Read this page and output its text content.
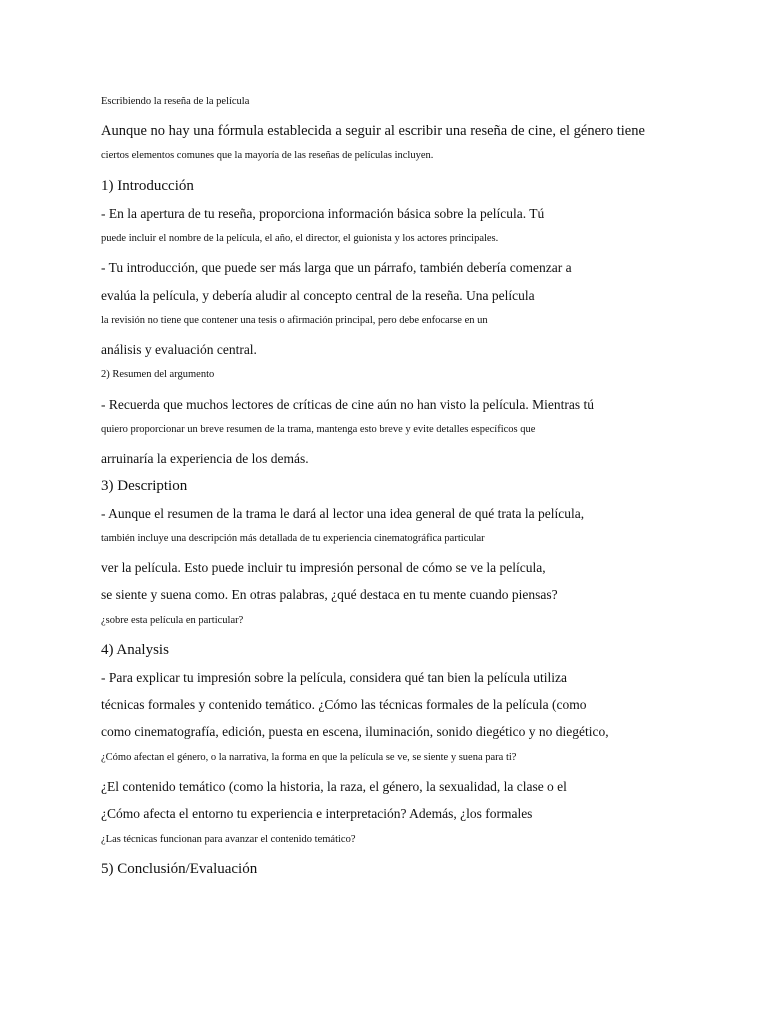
Escribiendo la reseña de la película
Aunque no hay una fórmula establecida a seguir al escribir una reseña de cine, el género tiene
ciertos elementos comunes que la mayoría de las reseñas de películas incluyen.
1) Introducción
- En la apertura de tu reseña, proporciona información básica sobre la película. Tú
puede incluir el nombre de la película, el año, el director, el guionista y los actores principales.
- Tu introducción, que puede ser más larga que un párrafo, también debería comenzar a
evalúa la película, y debería aludir al concepto central de la reseña. Una película
la revisión no tiene que contener una tesis o afirmación principal, pero debe enfocarse en un
análisis y evaluación central.
2) Resumen del argumento
- Recuerda que muchos lectores de críticas de cine aún no han visto la película. Mientras tú
quiero proporcionar un breve resumen de la trama, mantenga esto breve y evite detalles específicos que
arruinaría la experiencia de los demás.
3) Description
- Aunque el resumen de la trama le dará al lector una idea general de qué trata la película,
también incluye una descripción más detallada de tu experiencia cinematográfica particular
ver la película. Esto puede incluir tu impresión personal de cómo se ve la película,
se siente y suena como. En otras palabras, ¿qué destaca en tu mente cuando piensas?
¿sobre esta película en particular?
4) Analysis
- Para explicar tu impresión sobre la película, considera qué tan bien la película utiliza
técnicas formales y contenido temático. ¿Cómo las técnicas formales de la película (como
como cinematografía, edición, puesta en escena, iluminación, sonido diegético y no diegético,
¿Cómo afectan el género, o la narrativa, la forma en que la película se ve, se siente y suena para ti?
¿El contenido temático (como la historia, la raza, el género, la sexualidad, la clase o el
¿Cómo afecta el entorno tu experiencia e interpretación? Además, ¿los formales
¿Las técnicas funcionan para avanzar el contenido temático?
5) Conclusión/Evaluación
